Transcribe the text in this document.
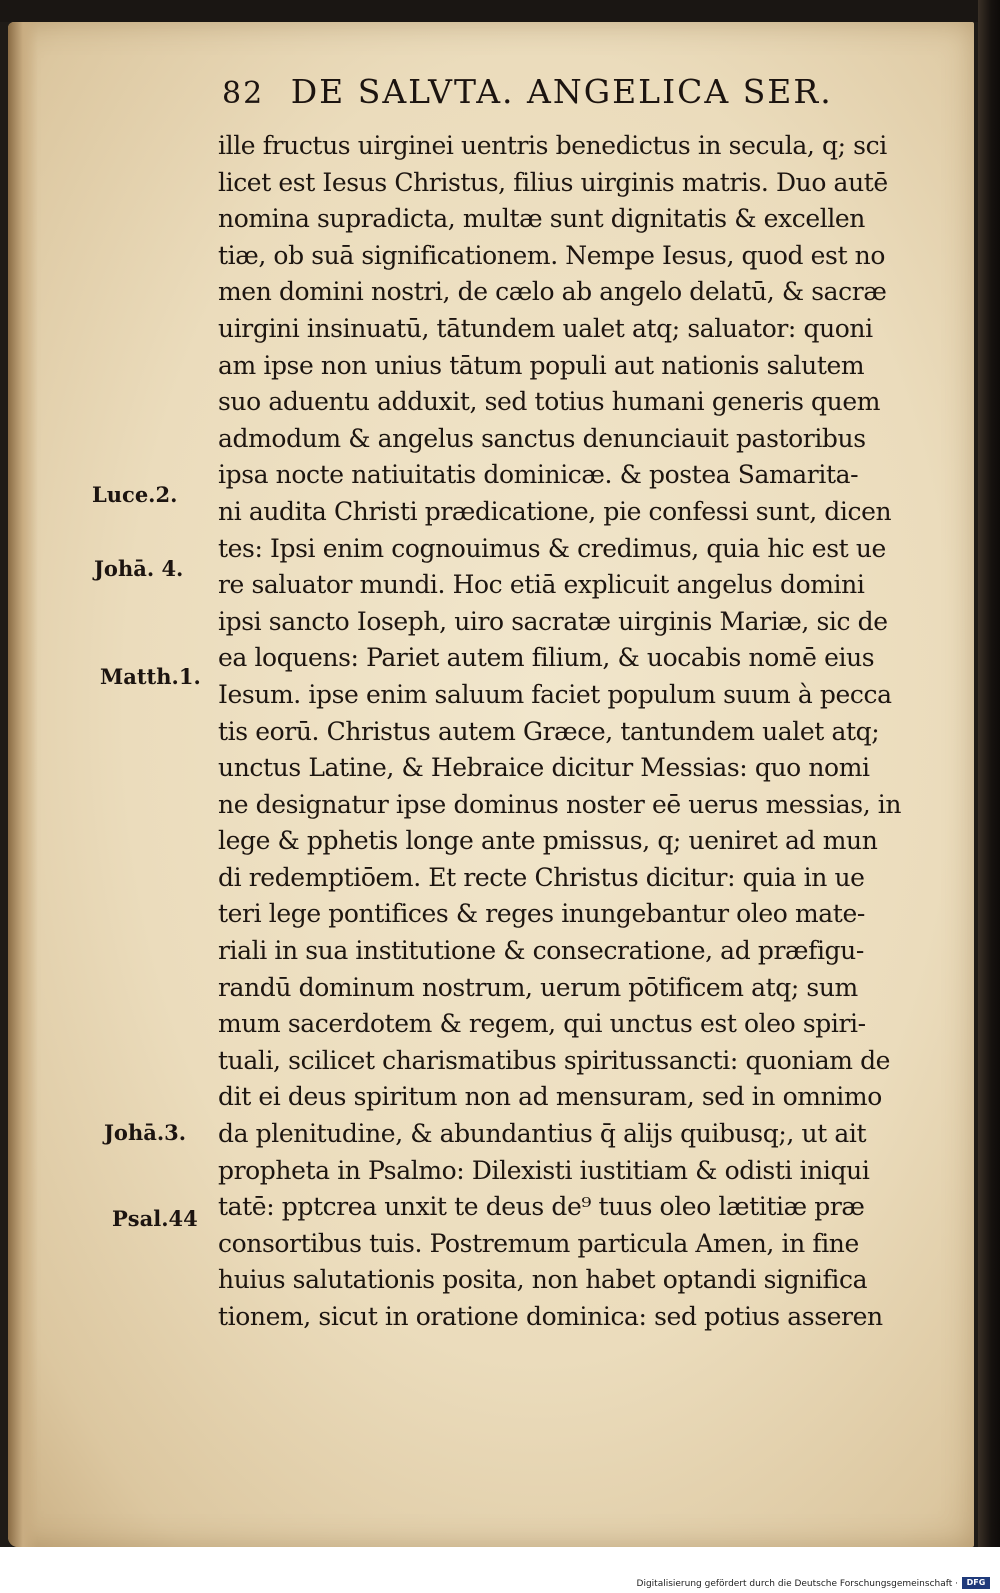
82 DE SALVTA. ANGELICA SER.
ille fructus uirginei uentris benedictus in secula, q; sci
licet est Iesus Christus, filius uirginis matris. Duo autē
nomina supradicta, multæ sunt dignitatis & excellen
tiæ, ob suā significationem. Nempe Iesus, quod est no
men domini nostri, de cælo ab angelo delatū, & sacræ
uirgini insinuatū, tātundem ualet atq; saluator: quoni
am ipse non unius tātum populi aut nationis salutem
suo aduentu adduxit, sed totius humani generis quem
admodum & angelus sanctus denunciauit pastoribus
ipsa nocte natiuitatis dominicæ. & postea Samarita-
ni audita Christi prædicatione, pie confessi sunt, dicen
tes: Ipsi enim cognouimus & credimus, quia hic est ue
re saluator mundi. Hoc etiā explicuit angelus domini
ipsi sancto Ioseph, uiro sacratæ uirginis Mariæ, sic de
ea loquens: Pariet autem filium, & uocabis nomē eius
Iesum. ipse enim saluum faciet populum suum à pecca
tis eorū. Christus autem Græce, tantundem ualet atq;
unctus Latine, & Hebraice dicitur Messias: quo nomi
ne designatur ipse dominus noster eē uerus messias, in
lege & pphetis longe ante pmissus, q; ueniret ad mun
di redemptiōem. Et recte Christus dicitur: quia in ue
teri lege pontifices & reges inungebantur oleo mate-
riali in sua institutione & consecratione, ad præfigu-
randū dominum nostrum, uerum pōtificem atq; sum
mum sacerdotem & regem, qui unctus est oleo spiri-
tuali, scilicet charismatibus spiritussancti: quoniam de
dit ei deus spiritum non ad mensuram, sed in omnimo
da plenitudine, & abundantius q̄ alijs quibusq;, ut ait
propheta in Psalmo: Dilexisti iustitiam & odisti iniqui
tatē: pptcrea unxit te deus de⁹ tuus oleo lætitiæ præ
consortibus tuis. Postremum particula Amen, in fine
huius salutationis posita, non habet optandi significa
tionem, sicut in oratione dominica: sed potius asseren
Luce.2.
Johā. 4.
Matth.1.
Johā.3.
Psal.44
Digitalisierung gefördert durch die Deutsche Forschungsgemeinschaft ·	DFG
